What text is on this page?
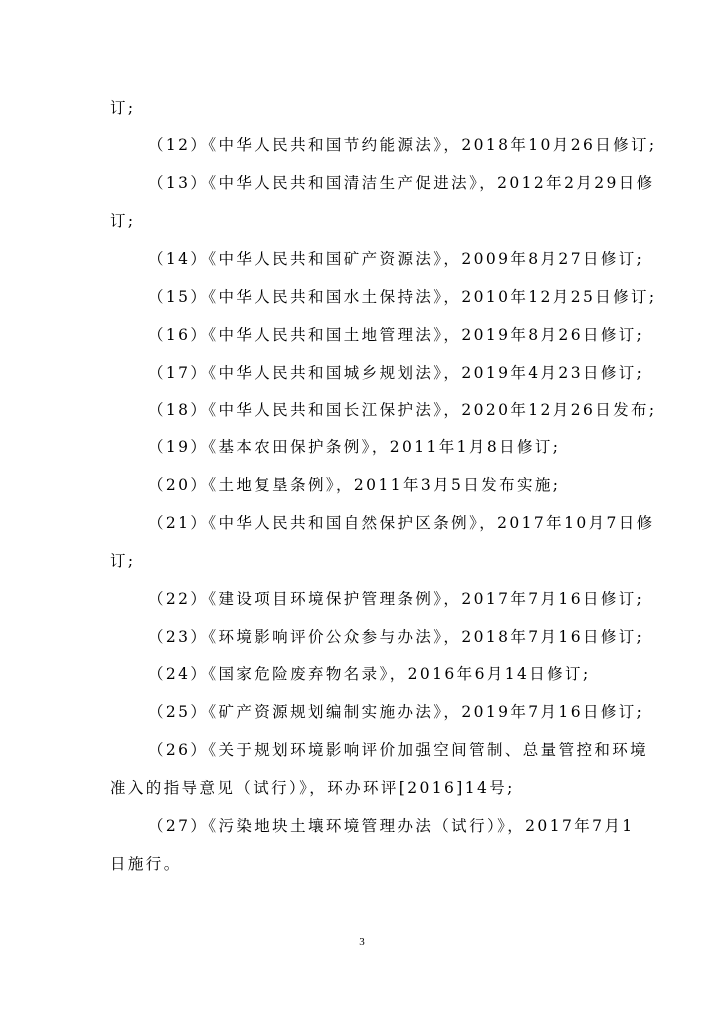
订;
（12）《中华人民共和国节约能源法》，2018年10月26日修订;
（13）《中华人民共和国清洁生产促进法》，2012年2月29日修
订;
（14）《中华人民共和国矿产资源法》，2009年8月27日修订;
（15）《中华人民共和国水土保持法》，2010年12月25日修订;
（16）《中华人民共和国土地管理法》，2019年8月26日修订;
（17）《中华人民共和国城乡规划法》，2019年4月23日修订;
（18）《中华人民共和国长江保护法》，2020年12月26日发布;
（19）《基本农田保护条例》，2011年1月8日修订;
（20）《土地复垦条例》，2011年3月5日发布实施;
（21）《中华人民共和国自然保护区条例》，2017年10月7日修
订;
（22）《建设项目环境保护管理条例》，2017年7月16日修订;
（23）《环境影响评价公众参与办法》，2018年7月16日修订;
（24）《国家危险废弃物名录》，2016年6月14日修订;
（25）《矿产资源规划编制实施办法》，2019年7月16日修订;
（26）《关于规划环境影响评价加强空间管制、总量管控和环境
准入的指导意见（试行）》，环办环评[2016]14号;
（27）《污染地块土壤环境管理办法（试行）》，2017年7月1
日施行。
3
